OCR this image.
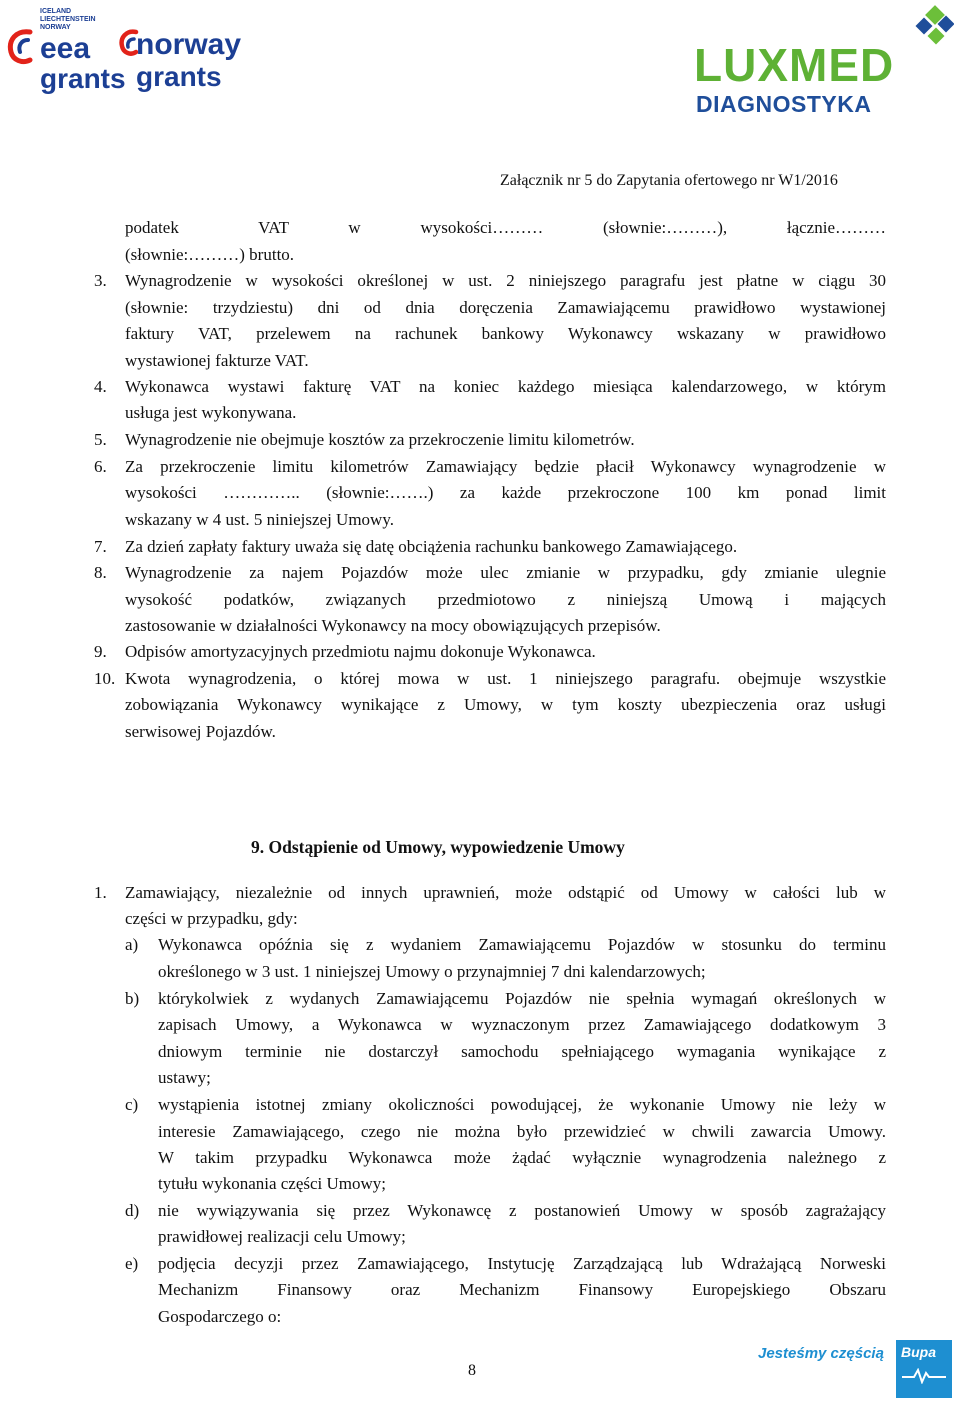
ICELAND
LIECHTENSTEIN
NORWAY
eea
grants
norway
grants	LUXMED
DIAGNOSTYKA
Załącznik nr 5 do Zapytania ofertowego nr W1/2016
podatek    VAT   w   wysokości………   (słownie:………),   łącznie………
(słownie:………) brutto.
3. Wynagrodzenie w wysokości określonej w ust. 2 niniejszego paragrafu jest płatne w ciągu 30
(słownie: trzydziestu) dni od dnia doręczenia Zamawiającemu prawidłowo wystawionej
faktury VAT, przelewem na rachunek bankowy Wykonawcy wskazany w prawidłowo
wystawionej fakturze VAT.
4. Wykonawca wystawi fakturę VAT na koniec każdego miesiąca kalendarzowego, w którym
usługa jest wykonywana.
5. Wynagrodzenie nie obejmuje kosztów za przekroczenie limitu kilometrów.
6. Za przekroczenie limitu kilometrów Zamawiający będzie płacił Wykonawcy wynagrodzenie w
wysokości ………….. (słownie:…….) za każde przekroczone 100 km ponad limit
wskazany w 4 ust. 5 niniejszej Umowy.
7. Za dzień zapłaty faktury uważa się datę obciążenia rachunku bankowego Zamawiającego.
8. Wynagrodzenie za najem Pojazdów może ulec zmianie w przypadku, gdy zmianie ulegnie
wysokość podatków, związanych przedmiotowo z niniejszą Umową i mających
zastosowanie w działalności Wykonawcy na mocy obowiązujących przepisów.
9. Odpisów amortyzacyjnych przedmiotu najmu dokonuje Wykonawca.
10. Kwota wynagrodzenia, o której mowa w ust. 1 niniejszego paragrafu. obejmuje wszystkie
zobowiązania Wykonawcy wynikające z Umowy, w tym koszty ubezpieczenia oraz usługi
serwisowej Pojazdów.
9. Odstąpienie od Umowy, wypowiedzenie Umowy
1. Zamawiający, niezależnie od innych uprawnień, może odstąpić od Umowy w całości lub w
części w przypadku, gdy:
a) Wykonawca opóźnia się z wydaniem Zamawiającemu Pojazdów w stosunku do terminu
określonego w 3 ust. 1 niniejszej Umowy o przynajmniej 7 dni kalendarzowych;
b) którykolwiek z wydanych Zamawiającemu Pojazdów nie spełnia wymagań określonych w
zapisach Umowy, a Wykonawca w wyznaczonym przez Zamawiającego dodatkowym 3
dniowym terminie nie dostarczył samochodu spełniającego wymagania wynikające z
ustawy;
c) wystąpienia istotnej zmiany okoliczności powodującej, że wykonanie Umowy nie leży w
interesie Zamawiającego, czego nie można było przewidzieć w chwili zawarcia Umowy.
W takim przypadku Wykonawca może żądać wyłącznie wynagrodzenia należnego z
tytułu wykonania części Umowy;
d) nie wywiązywania się przez Wykonawcę z postanowień Umowy w sposób zagrażający
prawidłowej realizacji celu Umowy;
e) podjęcia decyzji przez Zamawiającego, Instytucję Zarządzającą lub Wdrażającą Norweski
Mechanizm Finansowy oraz Mechanizm Finansowy Europejskiego Obszaru
Gospodarczego o:
8
Jesteśmy częścią Bupa
